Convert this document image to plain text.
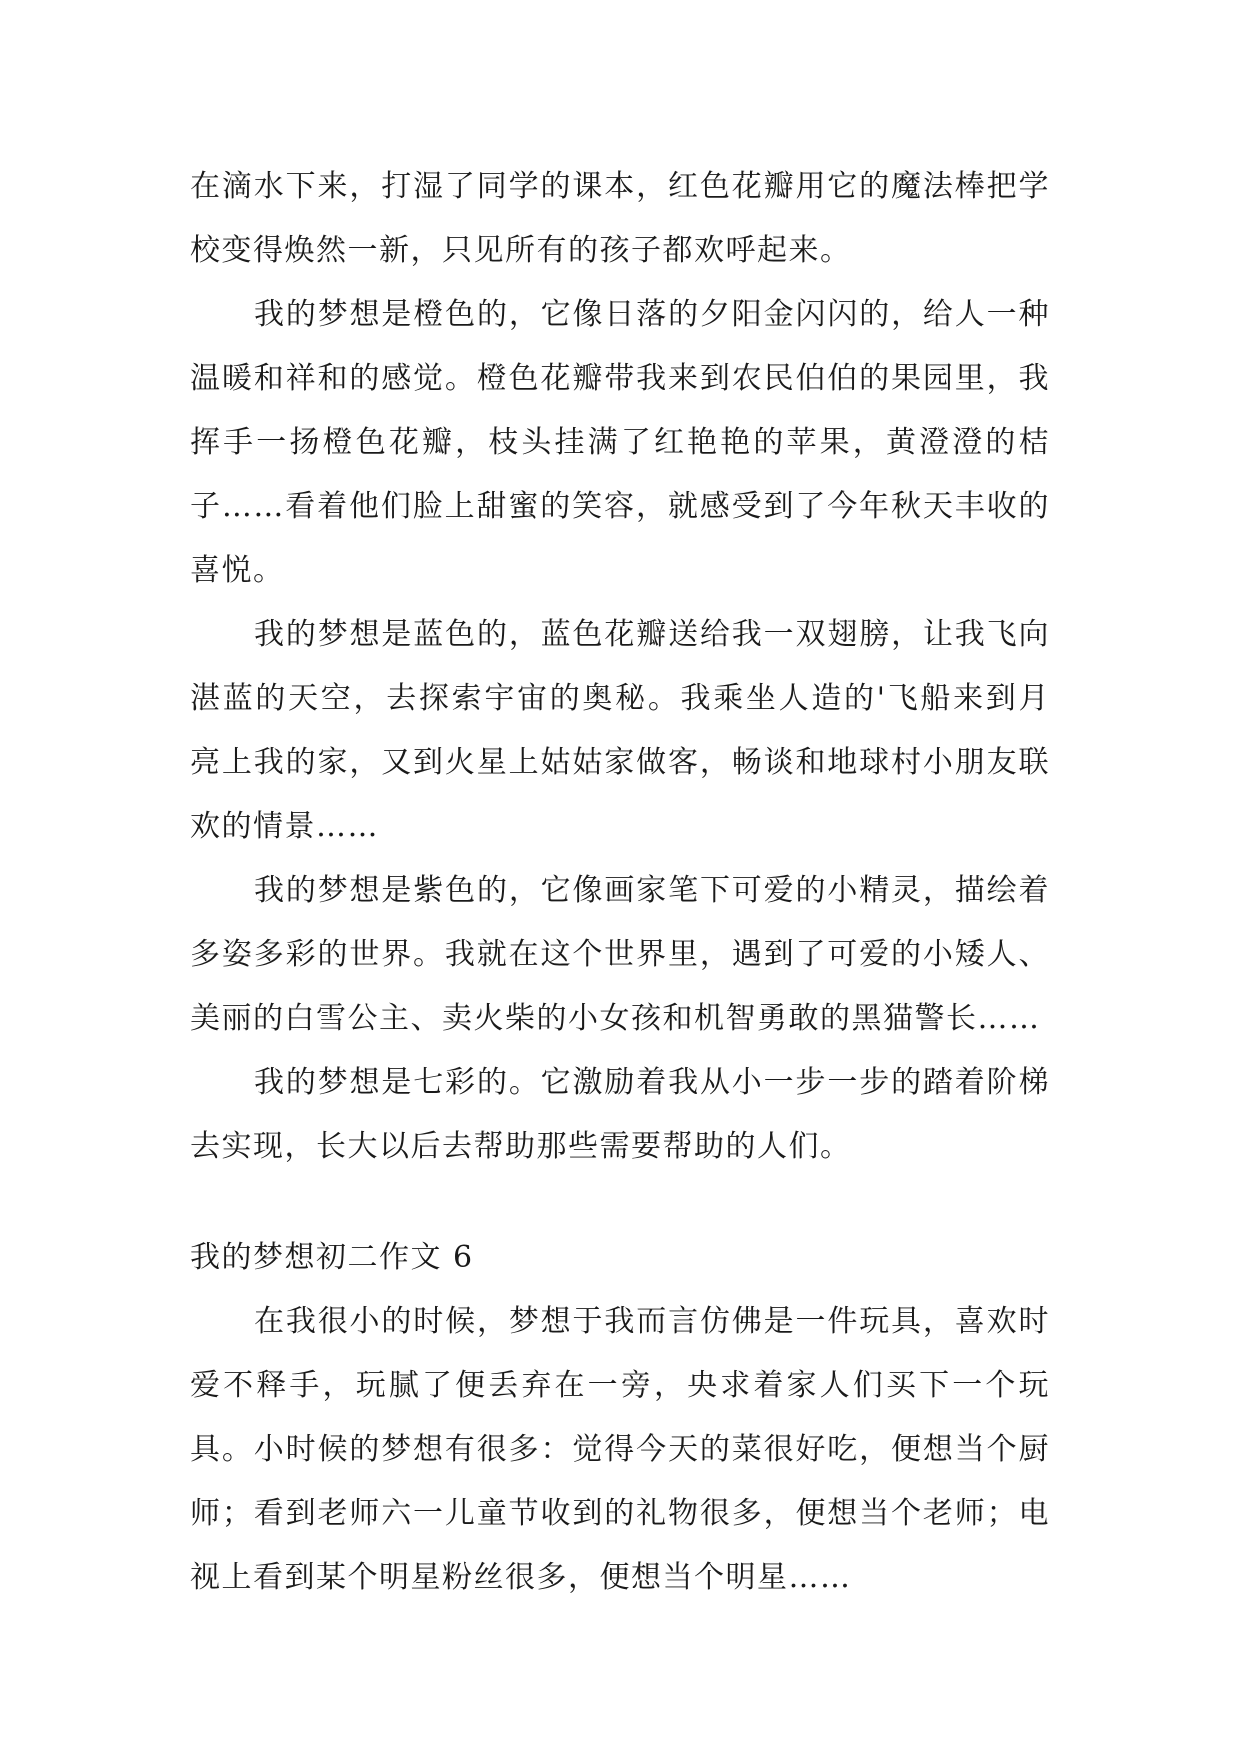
在滴水下来，打湿了同学的课本，红色花瓣用它的魔法棒把学校变得焕然一新，只见所有的孩子都欢呼起来。

我的梦想是橙色的，它像日落的夕阳金闪闪的，给人一种温暖和祥和的感觉。橙色花瓣带我来到农民伯伯的果园里，我挥手一扬橙色花瓣，枝头挂满了红艳艳的苹果，黄澄澄的桔子……看着他们脸上甜蜜的笑容，就感受到了今年秋天丰收的喜悦。

我的梦想是蓝色的，蓝色花瓣送给我一双翅膀，让我飞向湛蓝的天空，去探索宇宙的奥秘。我乘坐人造的'飞船来到月亮上我的家，又到火星上姑姑家做客，畅谈和地球村小朋友联欢的情景……

我的梦想是紫色的，它像画家笔下可爱的小精灵，描绘着多姿多彩的世界。我就在这个世界里，遇到了可爱的小矮人、美丽的白雪公主、卖火柴的小女孩和机智勇敢的黑猫警长……

我的梦想是七彩的。它激励着我从小一步一步的踏着阶梯去实现，长大以后去帮助那些需要帮助的人们。

我的梦想初二作文 6

在我很小的时候，梦想于我而言仿佛是一件玩具，喜欢时爱不释手，玩腻了便丢弃在一旁，央求着家人们买下一个玩具。小时候的梦想有很多：觉得今天的菜很好吃，便想当个厨师；看到老师六一儿童节收到的礼物很多，便想当个老师；电视上看到某个明星粉丝很多，便想当个明星……
